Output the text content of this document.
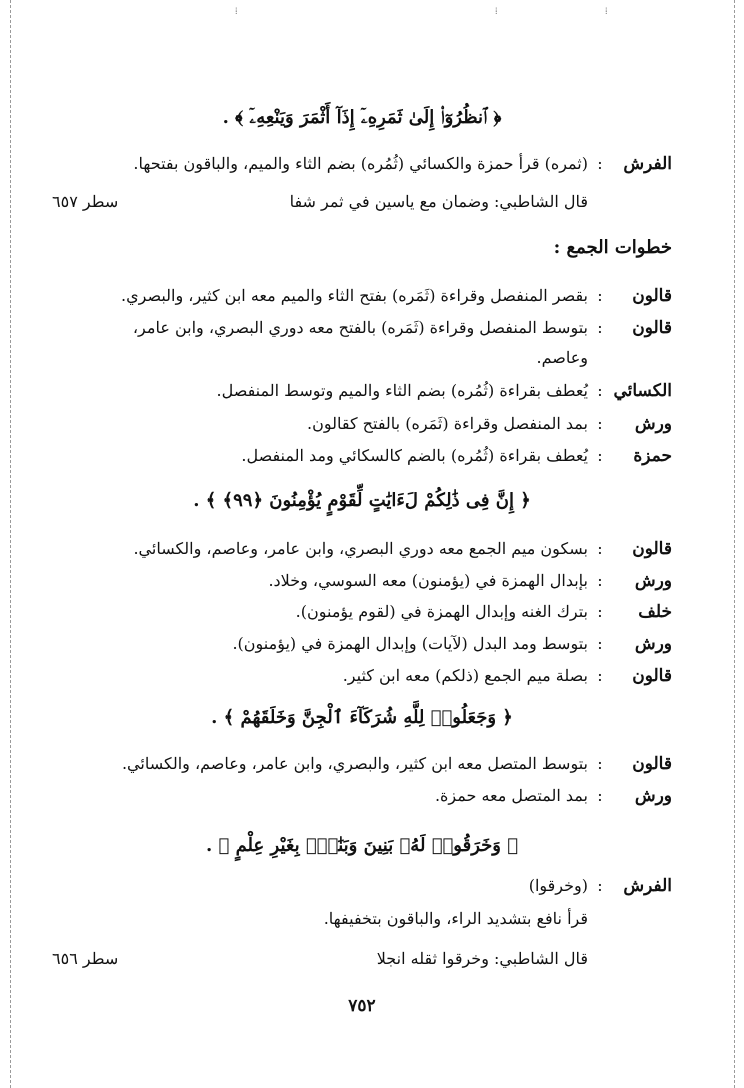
⁞	⁞	⁞
﴿ ٱنظُرُوٓا۟ إِلَىٰ ثَمَرِهِۦٓ إِذَآ أَثْمَرَ وَيَنْعِهِۦٓ ﴾ .
الفرش
:
(ثمره) قرأ حمزة والكسائي (ثُمُره) بضم الثاء والميم، والباقون بفتحها.
قال الشاطبي: وضمان مع ياسين في ثمر شفا
سطر ٦٥٧
خطوات الجمع :
قالون
:
بقصر المنفصل وقراءة (ثَمَره) بفتح الثاء والميم معه ابن كثير، والبصري.
قالون
:
بتوسط المنفصل وقراءة (ثَمَره) بالفتح معه دوري البصري، وابن عامر،
وعاصم.
الكسائي
:
يُعطف بقراءة (ثُمُره) بضم الثاء والميم وتوسط المنفصل.
ورش
:
بمد المنفصل وقراءة (ثَمَره) بالفتح كقالون.
حمزة
:
يُعطف بقراءة (ثُمُره) بالضم كالسكائي ومد المنفصل.
﴿ إِنَّ فِى ذَٰلِكُمْ لَءَايَٰتٍ لِّقَوْمٍ يُؤْمِنُونَ ﴿٩٩﴾ ﴾ .
قالون
:
بسكون ميم الجمع معه دوري البصري، وابن عامر، وعاصم، والكسائي.
ورش
:
بإبدال الهمزة في (يؤمنون) معه السوسي، وخلاد.
خلف
:
بترك الغنه وإبدال الهمزة في (لقوم يؤمنون).
ورش
:
بتوسط ومد البدل (لآيات) وإبدال الهمزة في (يؤمنون).
قالون
:
بصلة ميم الجمع (ذلكم) معه ابن كثير.
﴿ وَجَعَلُوا۟ لِلَّهِ شُرَكَآءَ ٱلْجِنَّ وَخَلَقَهُمْ ﴾ .
قالون
:
بتوسط المتصل معه ابن كثير، والبصري، وابن عامر، وعاصم، والكسائي.
ورش
:
بمد المتصل معه حمزة.
﴿ وَخَرَقُوا۟ لَهُۥ بَنِينَ وَبَنَٰتٍۭ بِغَيْرِ عِلْمٍ ﴾ .
الفرش
:
(وخرقوا)
قرأ نافع بتشديد الراء، والباقون بتخفيفها.
قال الشاطبي: وخرقوا ثقله انجلا
سطر ٦٥٦
٧٥٢
